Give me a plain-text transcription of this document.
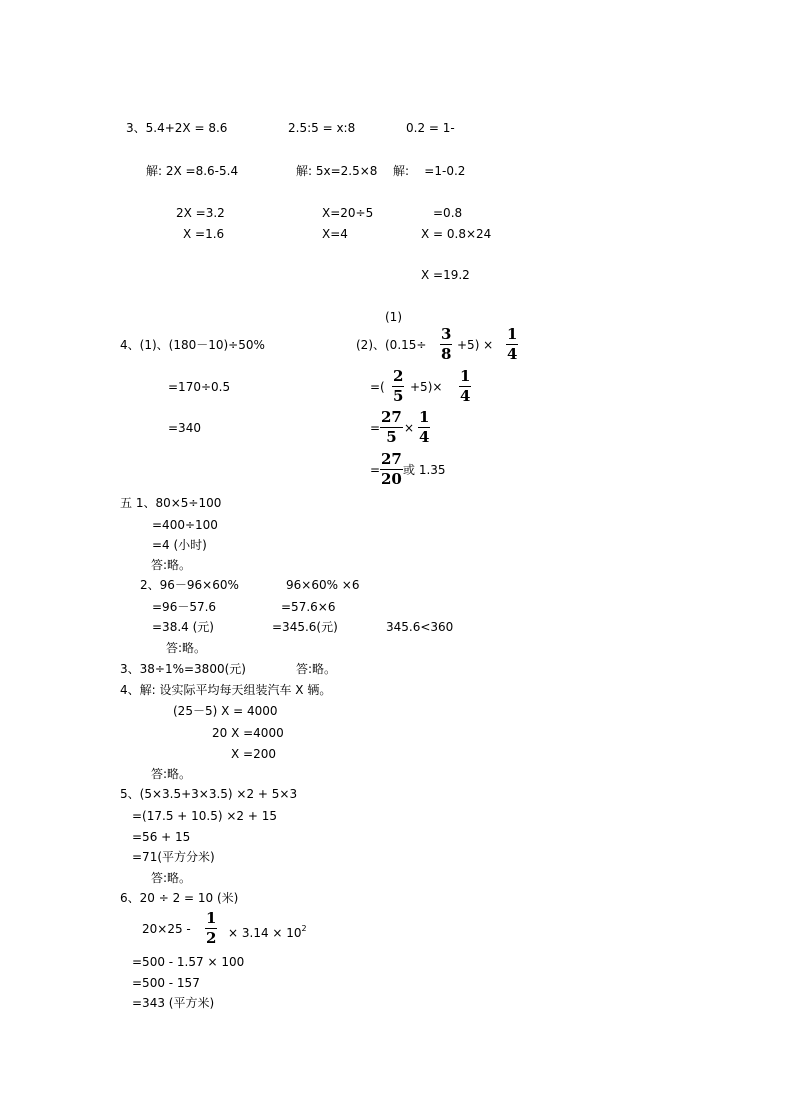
3、5.4+2X = 8.6	2.5:5 = x:8	0.2 = 1-
解: 2X =8.6-5.4	解: 5x=2.5×8 解:    =1-0.2
2X =3.2	X=20÷5	=0.8
X =1.6	X=4	X = 0.8×24
X =19.2
(1)
4、(1)、(180－10)÷50%
=170÷0.5
=340
(2)、(0.15÷
3
8 +5) ×
1
4
=(
2
5 +5)×
1
4
=
27
5 ×
1
4
=
27
20 或 1.35
五 1、80×5÷100
=400÷100
=4 (小时)
答:略。
2、96－96×60%	96×60% ×6
=96－57.6	=57.6×6
=38.4 (元)	=345.6(元)	345.6<360
答:略。
3、38÷1%=3800(元)	答:略。
4、解: 设实际平均每天组装汽车 X 辆。
(25－5) X = 4000
20 X =4000
X =200
答:略。
5、(5×3.5+3×3.5) ×2 + 5×3
=(17.5 + 10.5) ×2 + 15
=56 + 15
=71(平方分米)
答:略。
6、20 ÷ 2 = 10 (米)
20×25 -
1
$2 \times 3.14 \times 10^2$
=500 - 1.57 × 100
=500 - 157
=343 (平方米)
